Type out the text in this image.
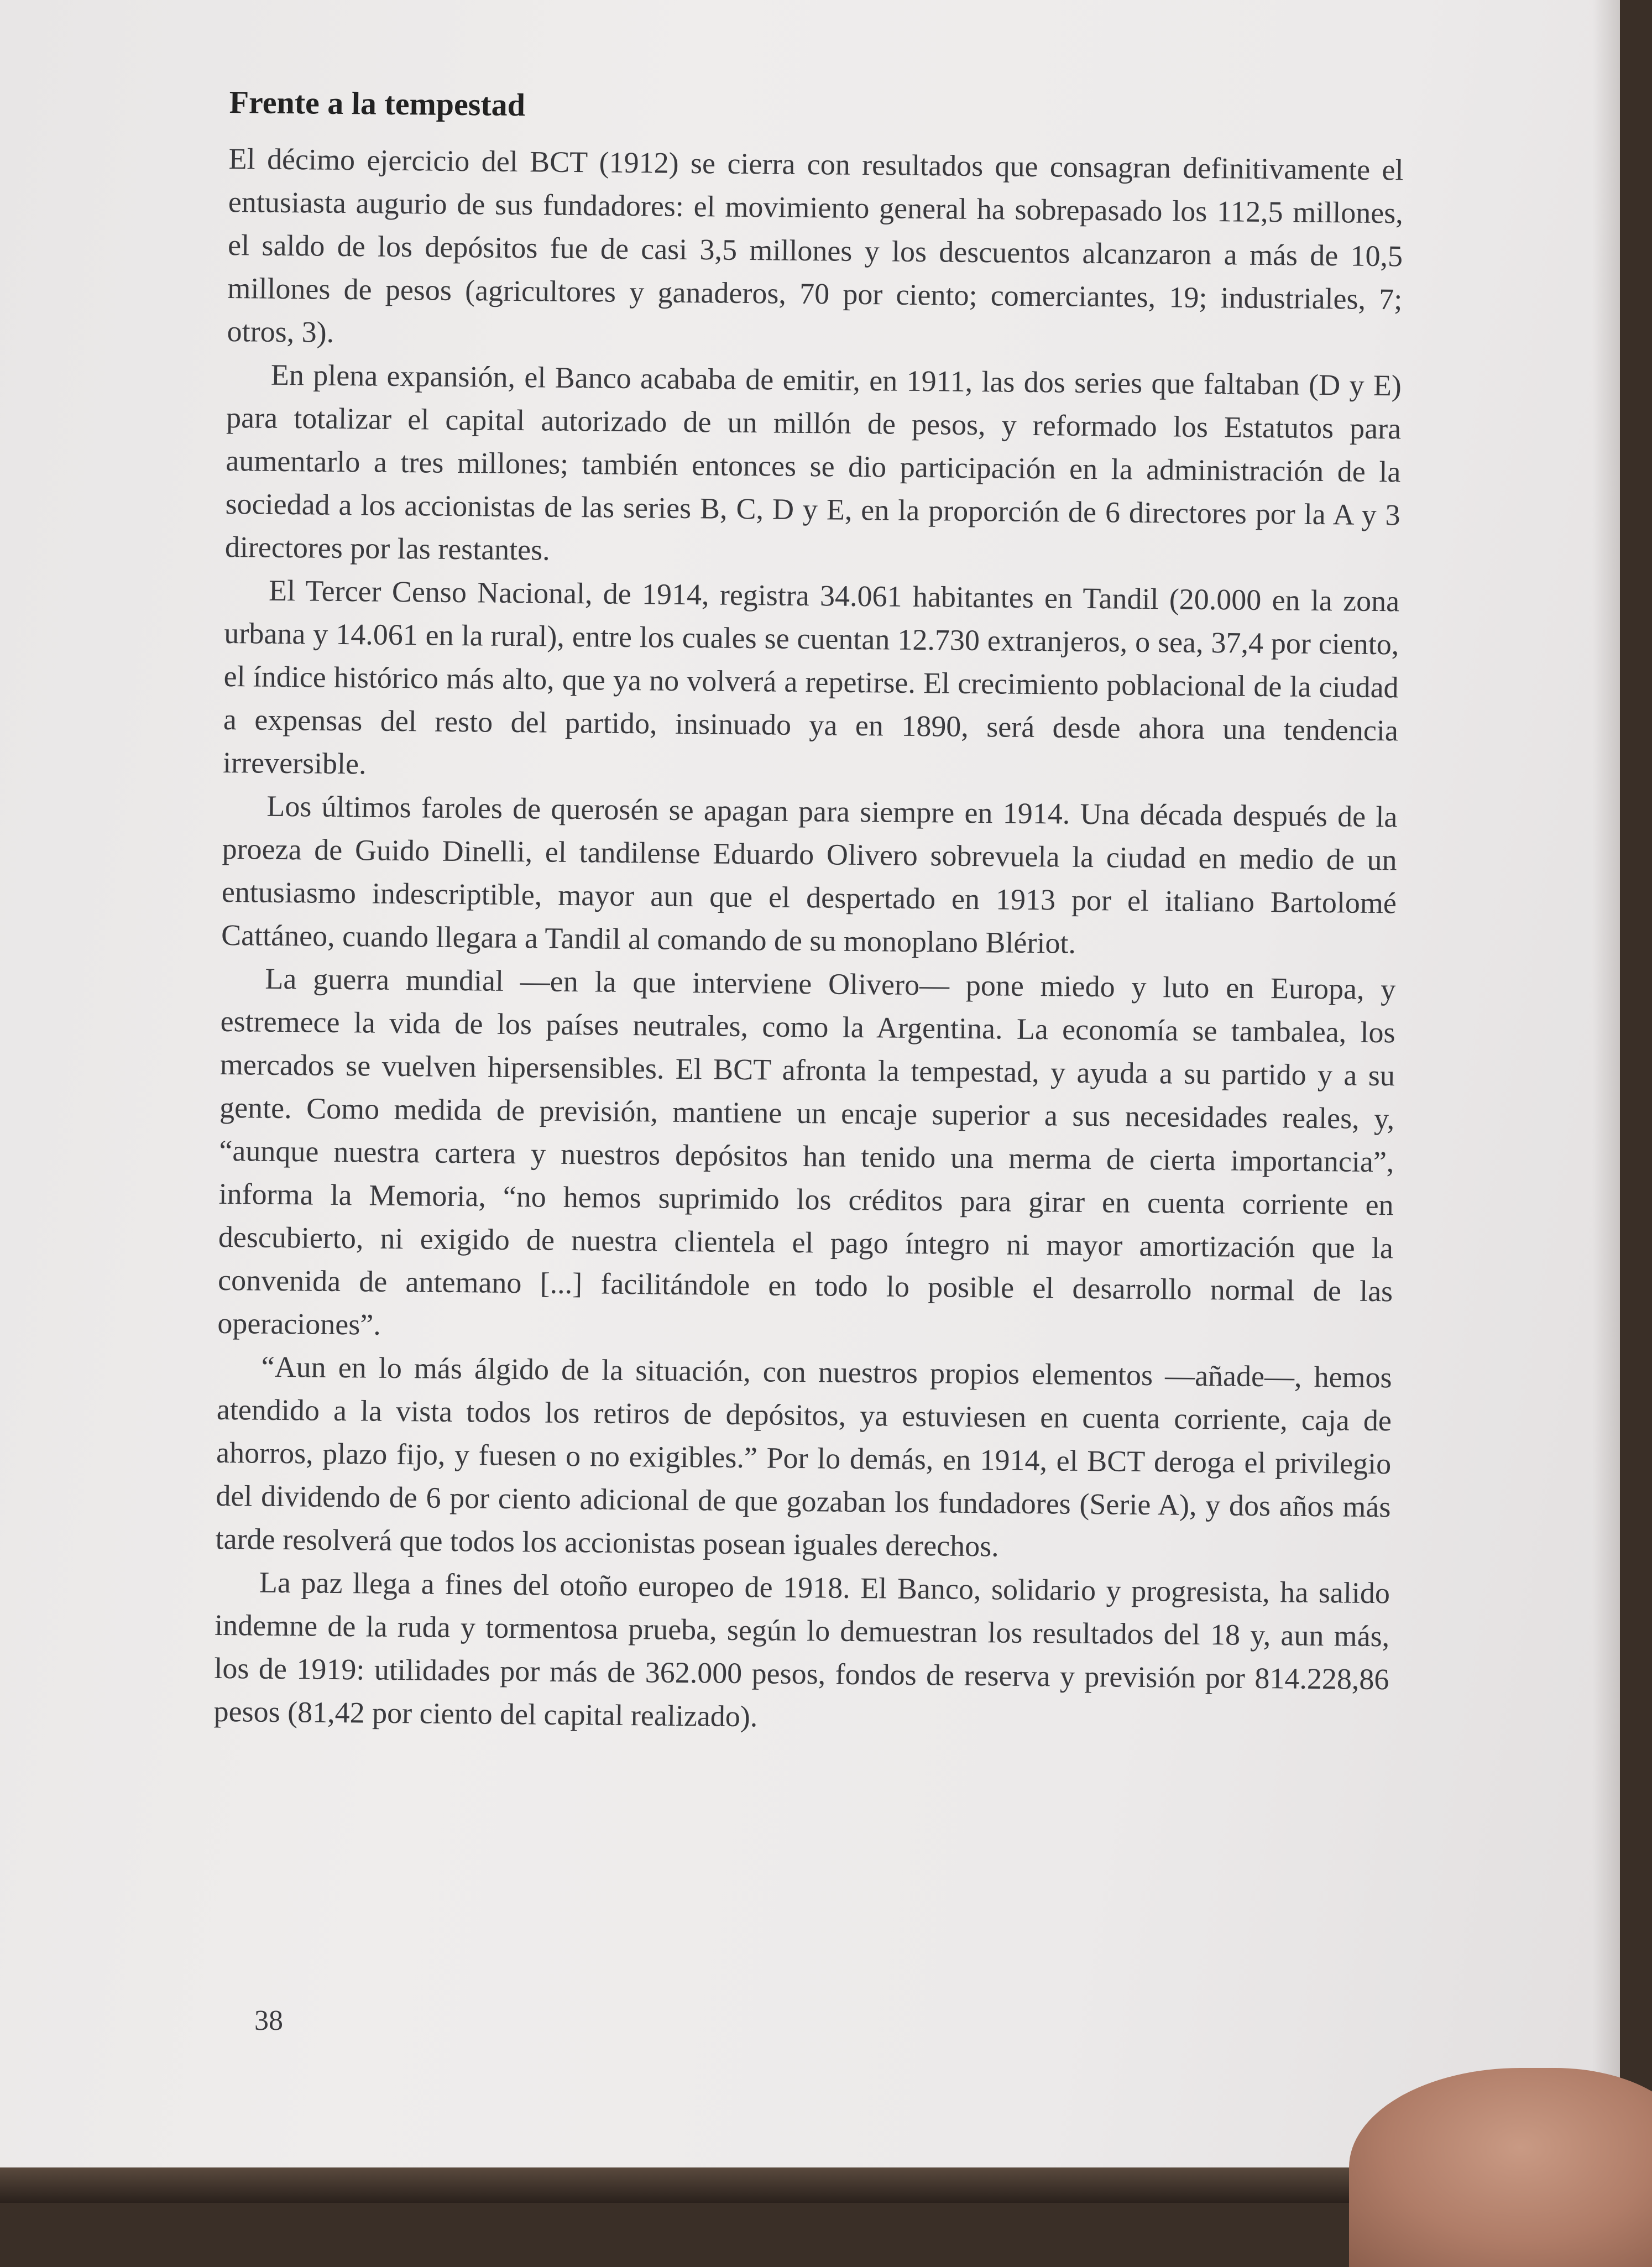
Frente a la tempestad

El décimo ejercicio del BCT (1912) se cierra con resultados que consagran definitivamente el entusiasta augurio de sus fundadores: el movimiento general ha sobrepasado los 112,5 millones, el saldo de los depósitos fue de casi 3,5 millones y los descuentos alcanzaron a más de 10,5 millones de pesos (agricultores y ganaderos, 70 por ciento; comerciantes, 19; industriales, 7; otros, 3).

En plena expansión, el Banco acababa de emitir, en 1911, las dos series que faltaban (D y E) para totalizar el capital autorizado de un millón de pesos, y reformado los Estatutos para aumentarlo a tres millones; también entonces se dio participación en la administración de la sociedad a los accionistas de las series B, C, D y E, en la proporción de 6 directores por la A y 3 directores por las restantes.

El Tercer Censo Nacional, de 1914, registra 34.061 habitantes en Tandil (20.000 en la zona urbana y 14.061 en la rural), entre los cuales se cuentan 12.730 extranjeros, o sea, 37,4 por ciento, el índice histórico más alto, que ya no volverá a repetirse. El crecimiento poblacional de la ciudad a expensas del resto del partido, insinuado ya en 1890, será desde ahora una tendencia irreversible.

Los últimos faroles de querosén se apagan para siempre en 1914. Una década después de la proeza de Guido Dinelli, el tandilense Eduardo Olivero sobrevuela la ciudad en medio de un entusiasmo indescriptible, mayor aun que el despertado en 1913 por el italiano Bartolomé Cattáneo, cuando llegara a Tandil al comando de su monoplano Blériot.

La guerra mundial —en la que interviene Olivero— pone miedo y luto en Europa, y estremece la vida de los países neutrales, como la Argentina. La economía se tambalea, los mercados se vuelven hipersensibles. El BCT afronta la tempestad, y ayuda a su partido y a su gente. Como medida de previsión, mantiene un encaje superior a sus necesidades reales, y, “aunque nuestra cartera y nuestros depósitos han tenido una merma de cierta importancia”, informa la Memoria, “no hemos suprimido los créditos para girar en cuenta corriente en descubierto, ni exigido de nuestra clientela el pago íntegro ni mayor amortización que la convenida de antemano [...] facilitándole en todo lo posible el desarrollo normal de las operaciones”.

“Aun en lo más álgido de la situación, con nuestros propios elementos —añade—, hemos atendido a la vista todos los retiros de depósitos, ya estuviesen en cuenta corriente, caja de ahorros, plazo fijo, y fuesen o no exigibles.” Por lo demás, en 1914, el BCT deroga el privilegio del dividendo de 6 por ciento adicional de que gozaban los fundadores (Serie A), y dos años más tarde resolverá que todos los accionistas posean iguales derechos.

La paz llega a fines del otoño europeo de 1918. El Banco, solidario y progresista, ha salido indemne de la ruda y tormentosa prueba, según lo demuestran los resultados del 18 y, aun más, los de 1919: utilidades por más de 362.000 pesos, fondos de reserva y previsión por 814.228,86 pesos (81,42 por ciento del capital realizado).

38
